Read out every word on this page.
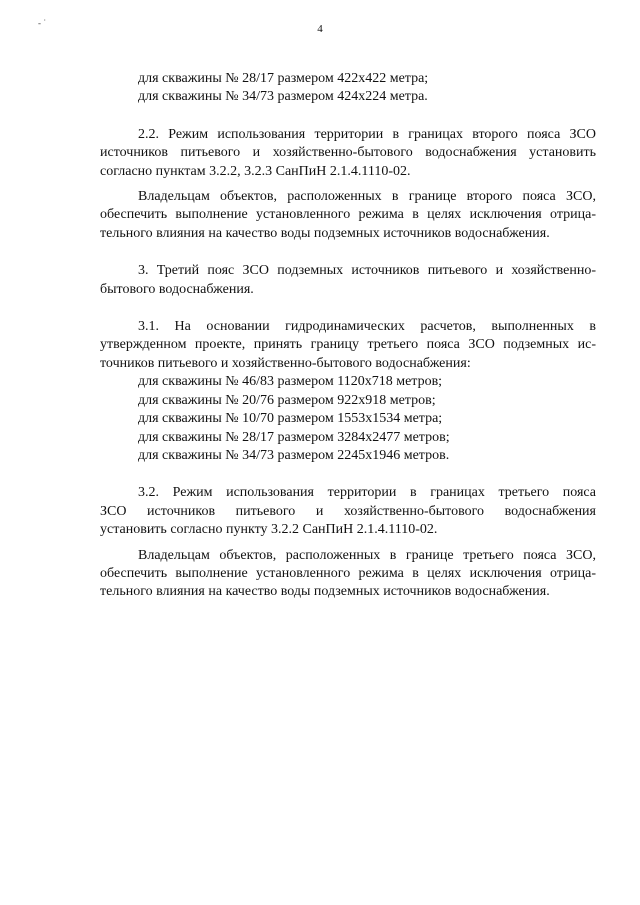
- ˙	4
для скважины № 28/17 размером 422x422 метра;
для скважины № 34/73 размером 424x224 метра.
2.2. Режим использования территории в границах второго пояса ЗСО
источников питьевого и хозяйственно-бытового водоснабжения установить
согласно пунктам 3.2.2, 3.2.3 СанПиН 2.1.4.1110-02.
Владельцам объектов, расположенных в границе второго пояса ЗСО,
обеспечить выполнение установленного режима в целях исключения отрица-
тельного влияния на качество воды подземных источников водоснабжения.
3. Третий пояс ЗСО подземных источников питьевого и хозяйственно-
бытового водоснабжения.
3.1. На основании гидродинамических расчетов, выполненных в
утвержденном проекте, принять границу третьего пояса ЗСО подземных ис-
точников питьевого и хозяйственно-бытового водоснабжения:
для скважины № 46/83 размером 1120x718 метров;
для скважины № 20/76 размером 922x918 метров;
для скважины № 10/70 размером 1553x1534 метра;
для скважины № 28/17 размером 3284x2477 метров;
для скважины № 34/73 размером 2245x1946 метров.
3.2. Режим использования территории в границах третьего пояса
ЗСО источников питьевого и хозяйственно-бытового водоснабжения
установить согласно пункту 3.2.2 СанПиН 2.1.4.1110-02.
Владельцам объектов, расположенных в границе третьего пояса ЗСО,
обеспечить выполнение установленного режима в целях исключения отрица-
тельного влияния на качество воды подземных источников водоснабжения.
